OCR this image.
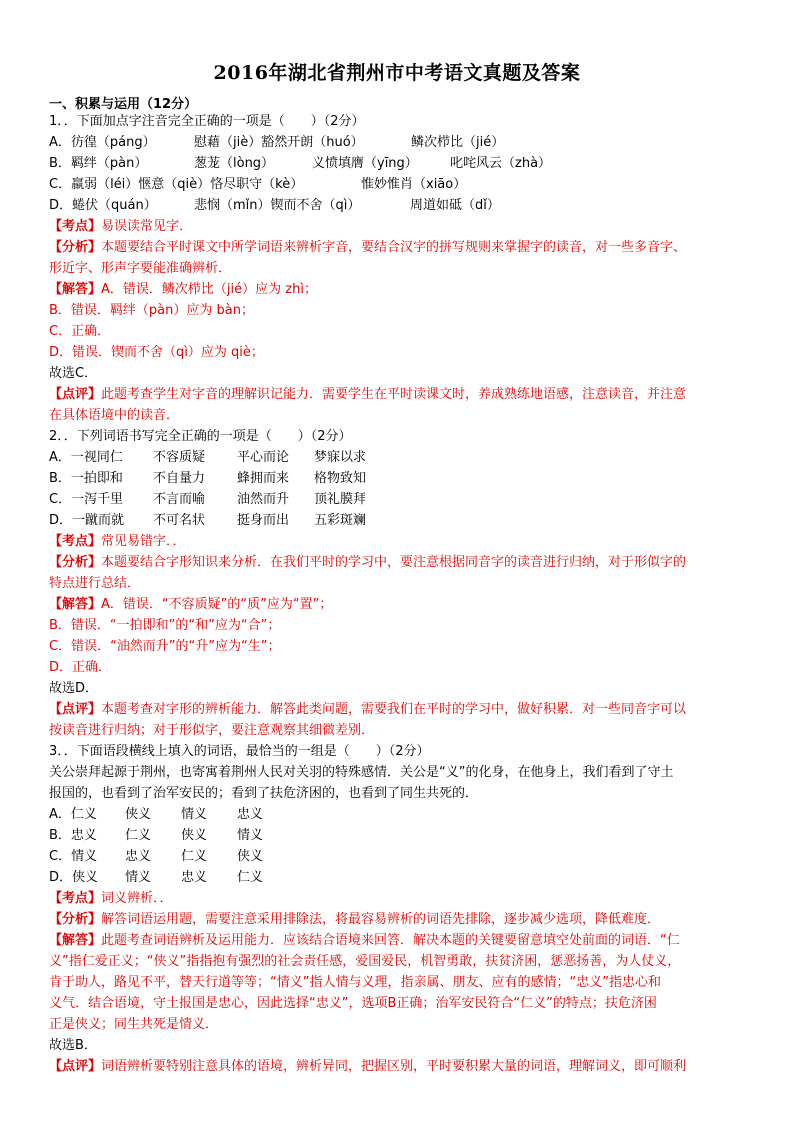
2016年湖北省荆州市中考语文真题及答案
一、积累与运用（12分）
1．．下面加点字注音完全正确的一项是（　　）（2分）
A．彷徨（páng）	慰藉（jiè）豁然开朗（huó）	鳞次栉比（jié）
B．羁绊（pàn）	葱茏（lòng）	义愤填膺（yīng） 叱咤风云（zhà）
C．羸弱（léi）惬意（qiè）恪尽职守（kè）	惟妙惟肖（xiāo）
D．蜷伏（quán）	悲悯（mǐn）锲而不舍（qì）	周道如砥（dǐ）
【考点】易误读常见字．
【分析】本题要结合平时课文中所学词语来辨析字音，要结合汉字的拼写规则来掌握字的读音，对一些多音字、
形近字、形声字要能准确辨析．
【解答】A．错误．鳞次栉比（jié）应为 zhì；
B．错误．羁绊（pàn）应为 bàn；
C．正确．
D．错误．锲而不舍（qì）应为 qiè；
故选C．
【点评】此题考查学生对字音的理解识记能力．需要学生在平时读课文时，养成熟练地语感，注意读音，并注意
在具体语境中的读音．
2．．下列词语书写完全正确的一项是（　　）（2分）
A．一视同仁 不容质疑 平心而论 梦寐以求
B．一拍即和 不自量力 蜂拥而来 格物致知
C．一泻千里 不言而喻 油然而升 顶礼膜拜
D．一蹴而就 不可名状 挺身而出 五彩斑斓
【考点】常见易错字．．
【分析】本题要结合字形知识来分析．在我们平时的学习中，要注意根据同音字的读音进行归纳，对于形似字的
特点进行总结．
【解答】A．错误．“不容质疑”的“质”应为“置”；
B．错误．“一拍即和”的“和”应为“合”；
C．错误．“油然而升”的“升”应为“生”；
D．正确．
故选D．
【点评】本题考查对字形的辨析能力．解答此类问题，需要我们在平时的学习中，做好积累．对一些同音字可以
按读音进行归纳；对于形似字，要注意观察其细微差别．
3．．下面语段横线上填入的词语，最恰当的一组是（　　）（2分）
关公崇拜起源于荆州，也寄寓着荆州人民对关羽的特殊感情．关公是“义”的化身，在他身上，我们看到了守土
报国的，也看到了治军安民的；看到了扶危济困的，也看到了同生共死的．
A．仁义 侠义 情义 忠义
B．忠义 仁义 侠义 情义
C．情义 忠义 仁义 侠义
D．侠义 情义 忠义 仁义
【考点】词义辨析．．
【分析】解答词语运用题，需要注意采用排除法，将最容易辨析的词语先排除，逐步减少选项，降低难度．
【解答】此题考查词语辨析及运用能力．应该结合语境来回答．解决本题的关键要留意填空处前面的词语．“仁
义”指仁爱正义；“侠义”指指抱有强烈的社会责任感，爱国爱民，机智勇敢，扶贫济困，惩恶扬善，为人仗义，
肯于助人，路见不平，替天行道等等；“情义”指人情与义理，指亲属、朋友、应有的感情；“忠义”指忠心和
义气．结合语境，守土报国是忠心，因此选择“忠义”，选项B正确；治军安民符合“仁义”的特点；扶危济困
正是侠义；同生共死是情义．
故选B．
【点评】词语辨析要特别注意具体的语境，辨析异同，把握区别，平时要积累大量的词语，理解词义，即可顺利
